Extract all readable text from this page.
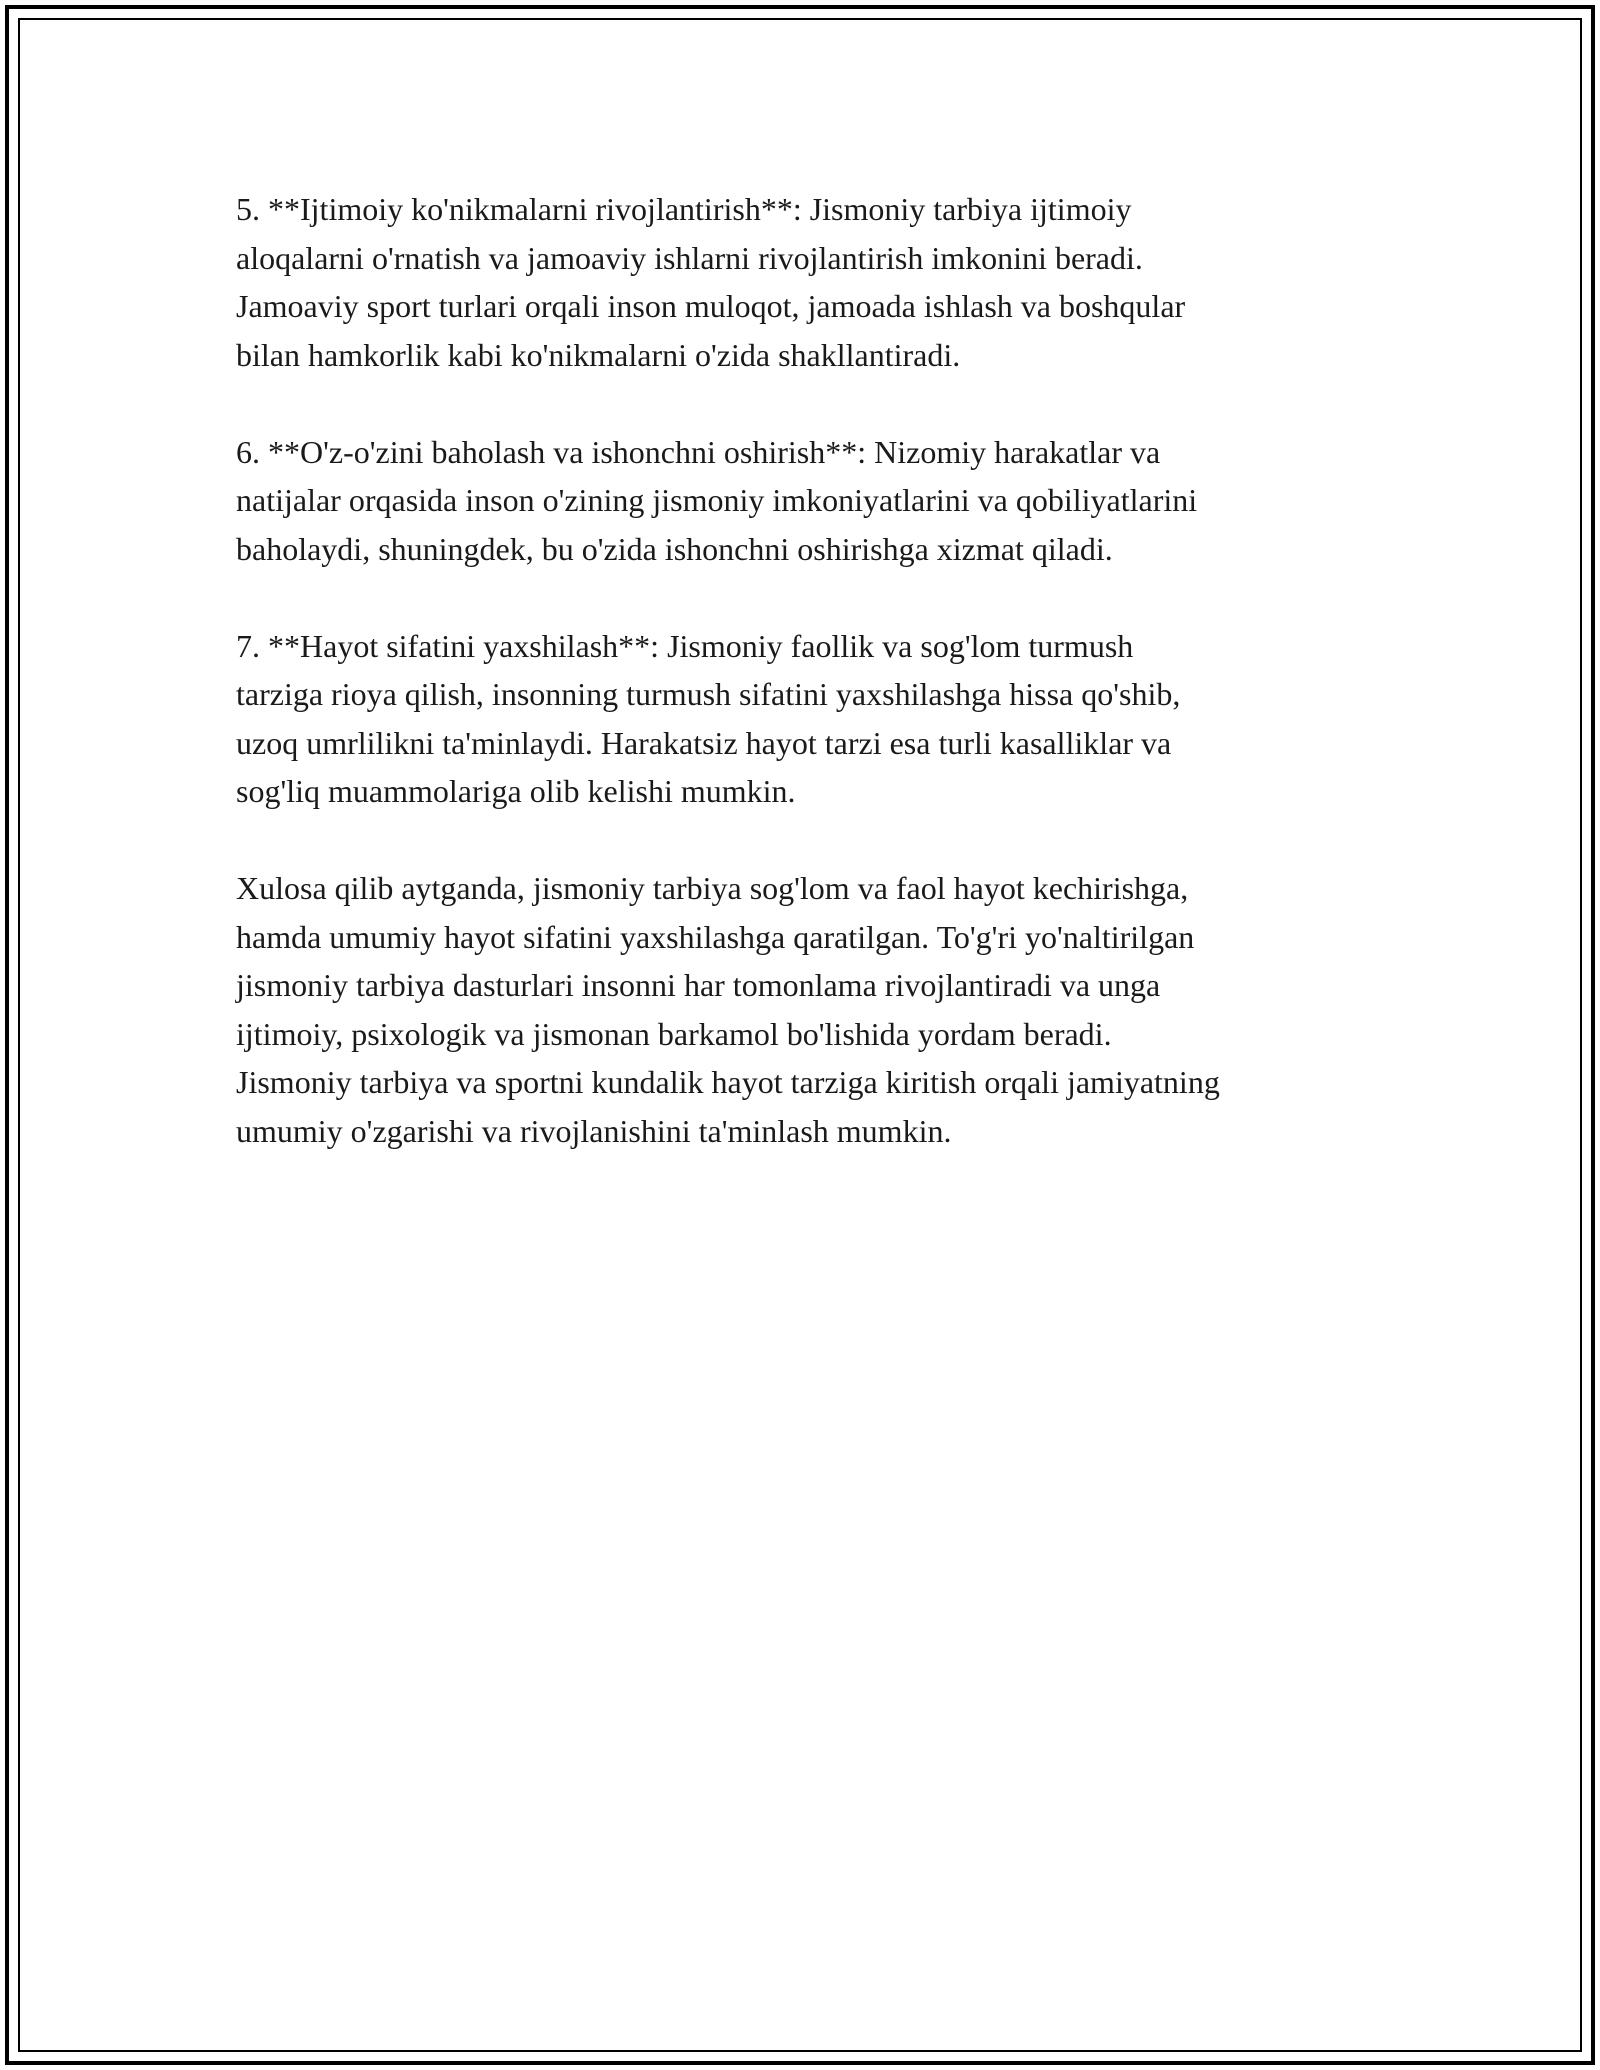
5. **Ijtimoiy ko'nikmalarni rivojlantirish**: Jismoniy tarbiya ijtimoiy
aloqalarni o'rnatish va jamoaviy ishlarni rivojlantirish imkonini beradi.
Jamoaviy sport turlari orqali inson muloqot, jamoada ishlash va boshqular
bilan hamkorlik kabi ko'nikmalarni o'zida shakllantiradi.
6. **O'z-o'zini baholash va ishonchni oshirish**: Nizomiy harakatlar va
natijalar orqasida inson o'zining jismoniy imkoniyatlarini va qobiliyatlarini
baholaydi, shuningdek, bu o'zida ishonchni oshirishga xizmat qiladi.
7. **Hayot sifatini yaxshilash**: Jismoniy faollik va sog'lom turmush
tarziga rioya qilish, insonning turmush sifatini yaxshilashga hissa qo'shib,
uzoq umrlilikni ta'minlaydi. Harakatsiz hayot tarzi esa turli kasalliklar va
sog'liq muammolariga olib kelishi mumkin.
Xulosa qilib aytganda, jismoniy tarbiya sog'lom va faol hayot kechirishga,
hamda umumiy hayot sifatini yaxshilashga qaratilgan. To'g'ri yo'naltirilgan
jismoniy tarbiya dasturlari insonni har tomonlama rivojlantiradi va unga
ijtimoiy, psixologik va jismonan barkamol bo'lishida yordam beradi.
Jismoniy tarbiya va sportni kundalik hayot tarziga kiritish orqali jamiyatning
umumiy o'zgarishi va rivojlanishini ta'minlash mumkin.
